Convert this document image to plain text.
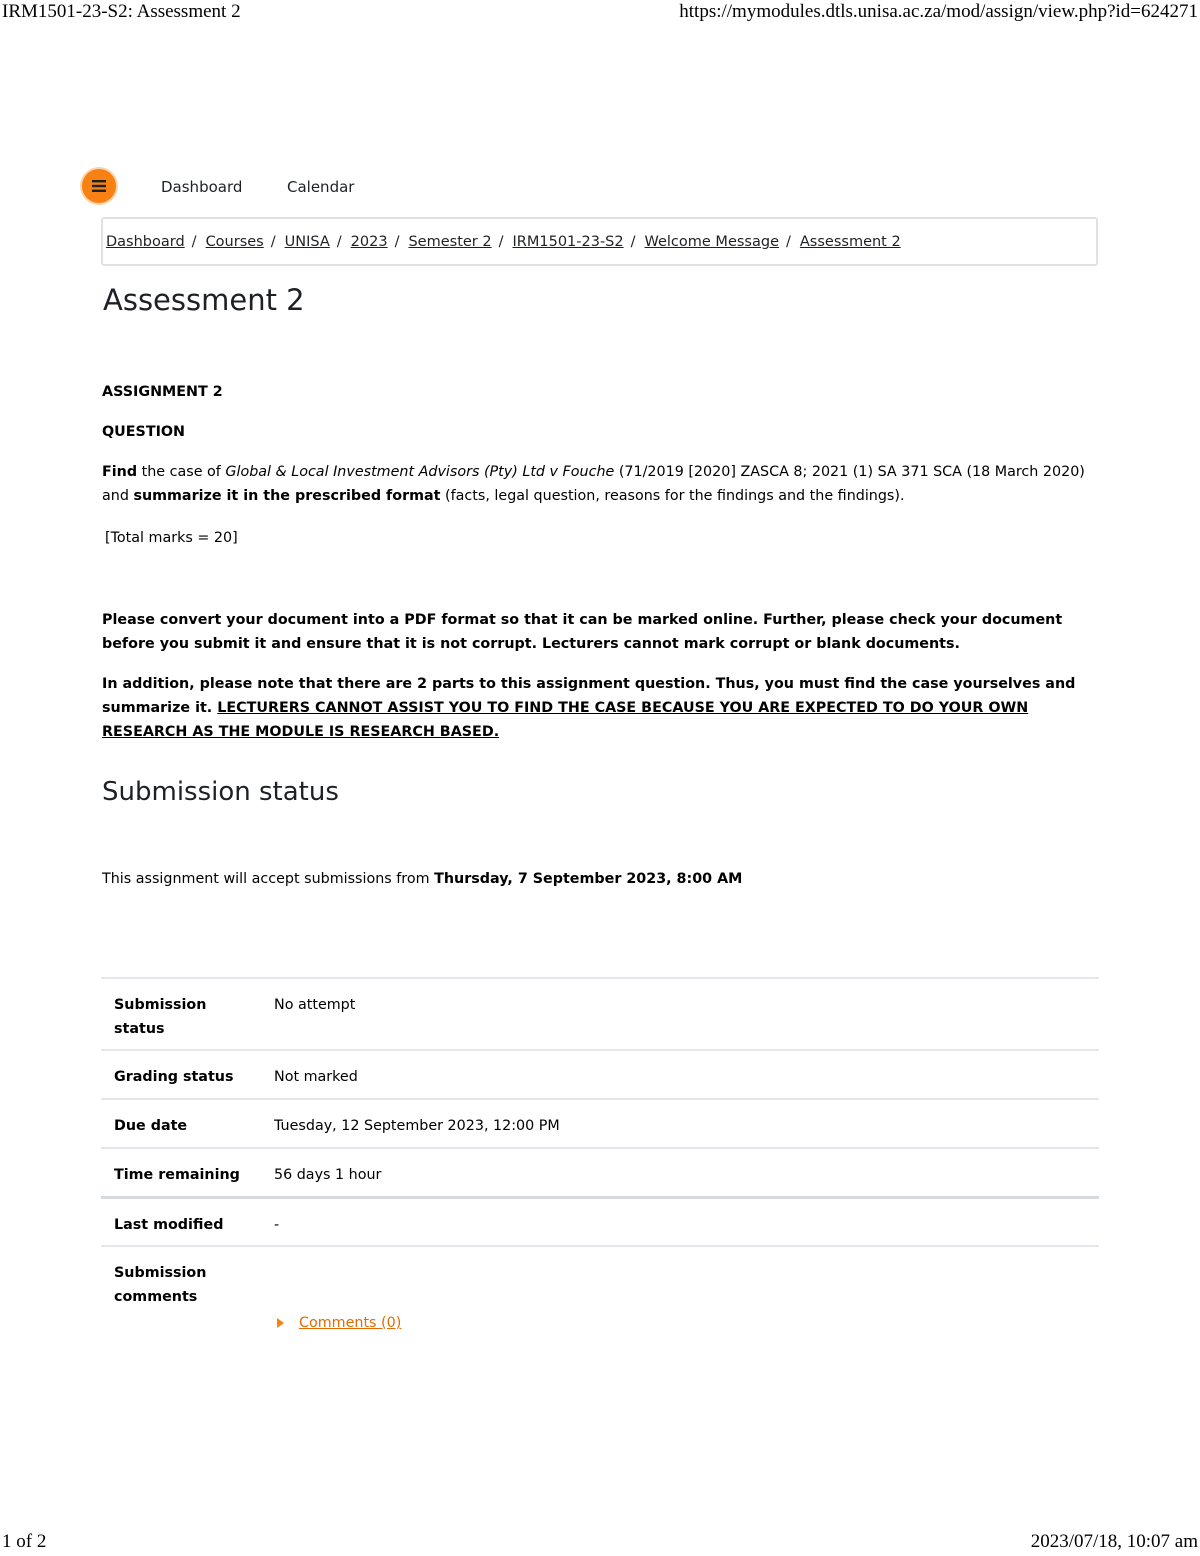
IRM1501-23-S2: Assessment 2	https://mymodules.dtls.unisa.ac.za/mod/assign/view.php?id=624271
Dashboard	Calendar
Dashboard / Courses / UNISA / 2023 / Semester 2 / IRM1501-23-S2 / Welcome Message / Assessment 2
Assessment 2

ASSIGNMENT 2

QUESTION

Find the case of Global & Local Investment Advisors (Pty) Ltd v Fouche (71/2019 [2020] ZASCA 8; 2021 (1) SA 371 SCA (18 March 2020) and summarize it in the prescribed format (facts, legal question, reasons for the findings and the findings).

[Total marks = 20]

Please convert your document into a PDF format so that it can be marked online. Further, please check your document before you submit it and ensure that it is not corrupt. Lecturers cannot mark corrupt or blank documents.

In addition, please note that there are 2 parts to this assignment question. Thus, you must find the case yourselves and summarize it. LECTURERS CANNOT ASSIST YOU TO FIND THE CASE BECAUSE YOU ARE EXPECTED TO DO YOUR OWN RESEARCH AS THE MODULE IS RESEARCH BASED.

Submission status
This assignment will accept submissions from Thursday, 7 September 2023, 8:00 AM
Submission status	No attempt
Grading status	Not marked
Due date	Tuesday, 12 September 2023, 12:00 PM
Time remaining	56 days 1 hour
Last modified	-
Submission comments	Comments (0)
1 of 2	2023/07/18, 10:07 am
